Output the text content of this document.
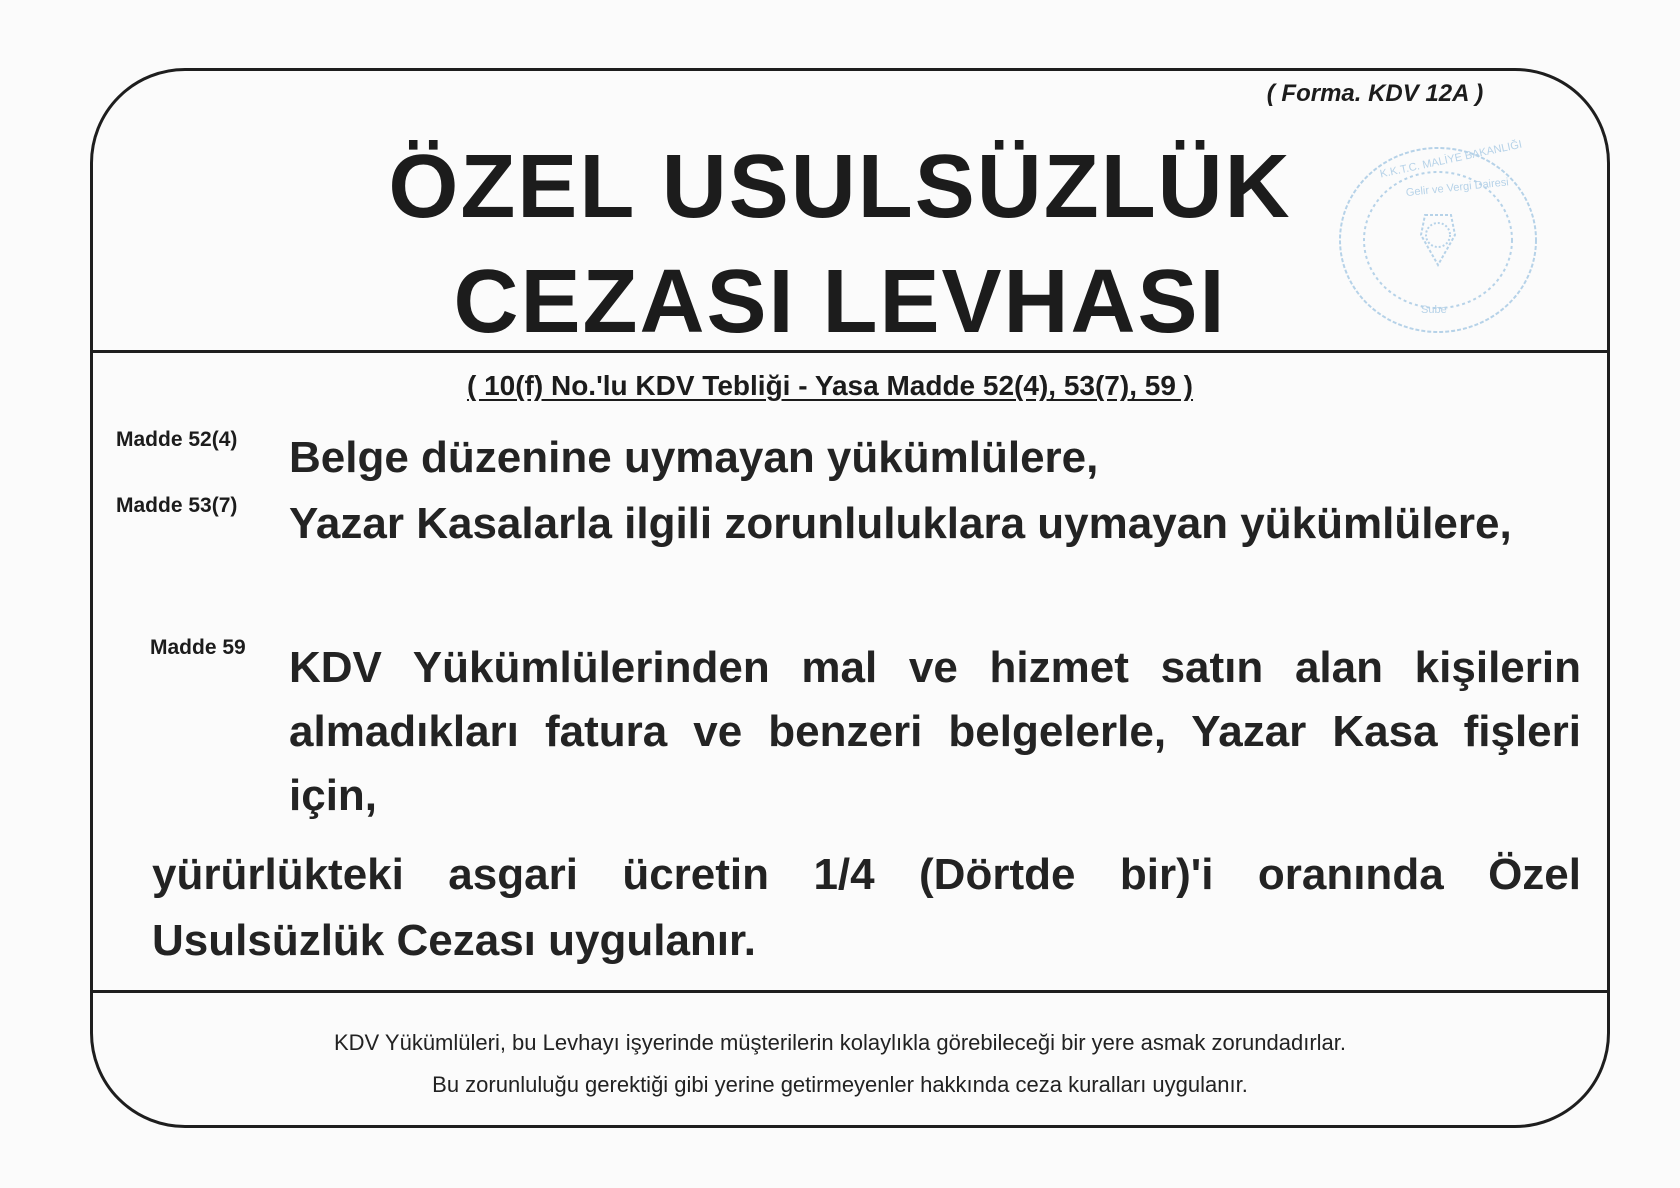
( Forma. KDV 12A )
ÖZEL USULSÜZLÜK
CEZASI LEVHASI
K.K.T.C. MALİYE BAKANLIĞI
Gelir ve Vergi Dairesi
Sube
( 10(f) No.'lu KDV Tebliği - Yasa Madde 52(4), 53(7), 59 )
Madde 52(4) Belge düzenine uymayan yükümlülere,
Madde 53(7) Yazar Kasalarla ilgili zorunluluklara uymayan yükümlülere,
Madde 59 KDV Yükümlülerinden mal ve hizmet satın alan kişilerin almadıkları fatura ve benzeri belgelerle, Yazar Kasa fişleri için,
yürürlükteki asgari ücretin 1/4 (Dörtde bir)'i oranında Özel Usulsüzlük Cezası uygulanır.
KDV Yükümlüleri, bu Levhayı işyerinde müşterilerin kolaylıkla görebileceği bir yere asmak zorundadırlar.
Bu zorunluluğu gerektiği gibi yerine getirmeyenler hakkında ceza kuralları uygulanır.
